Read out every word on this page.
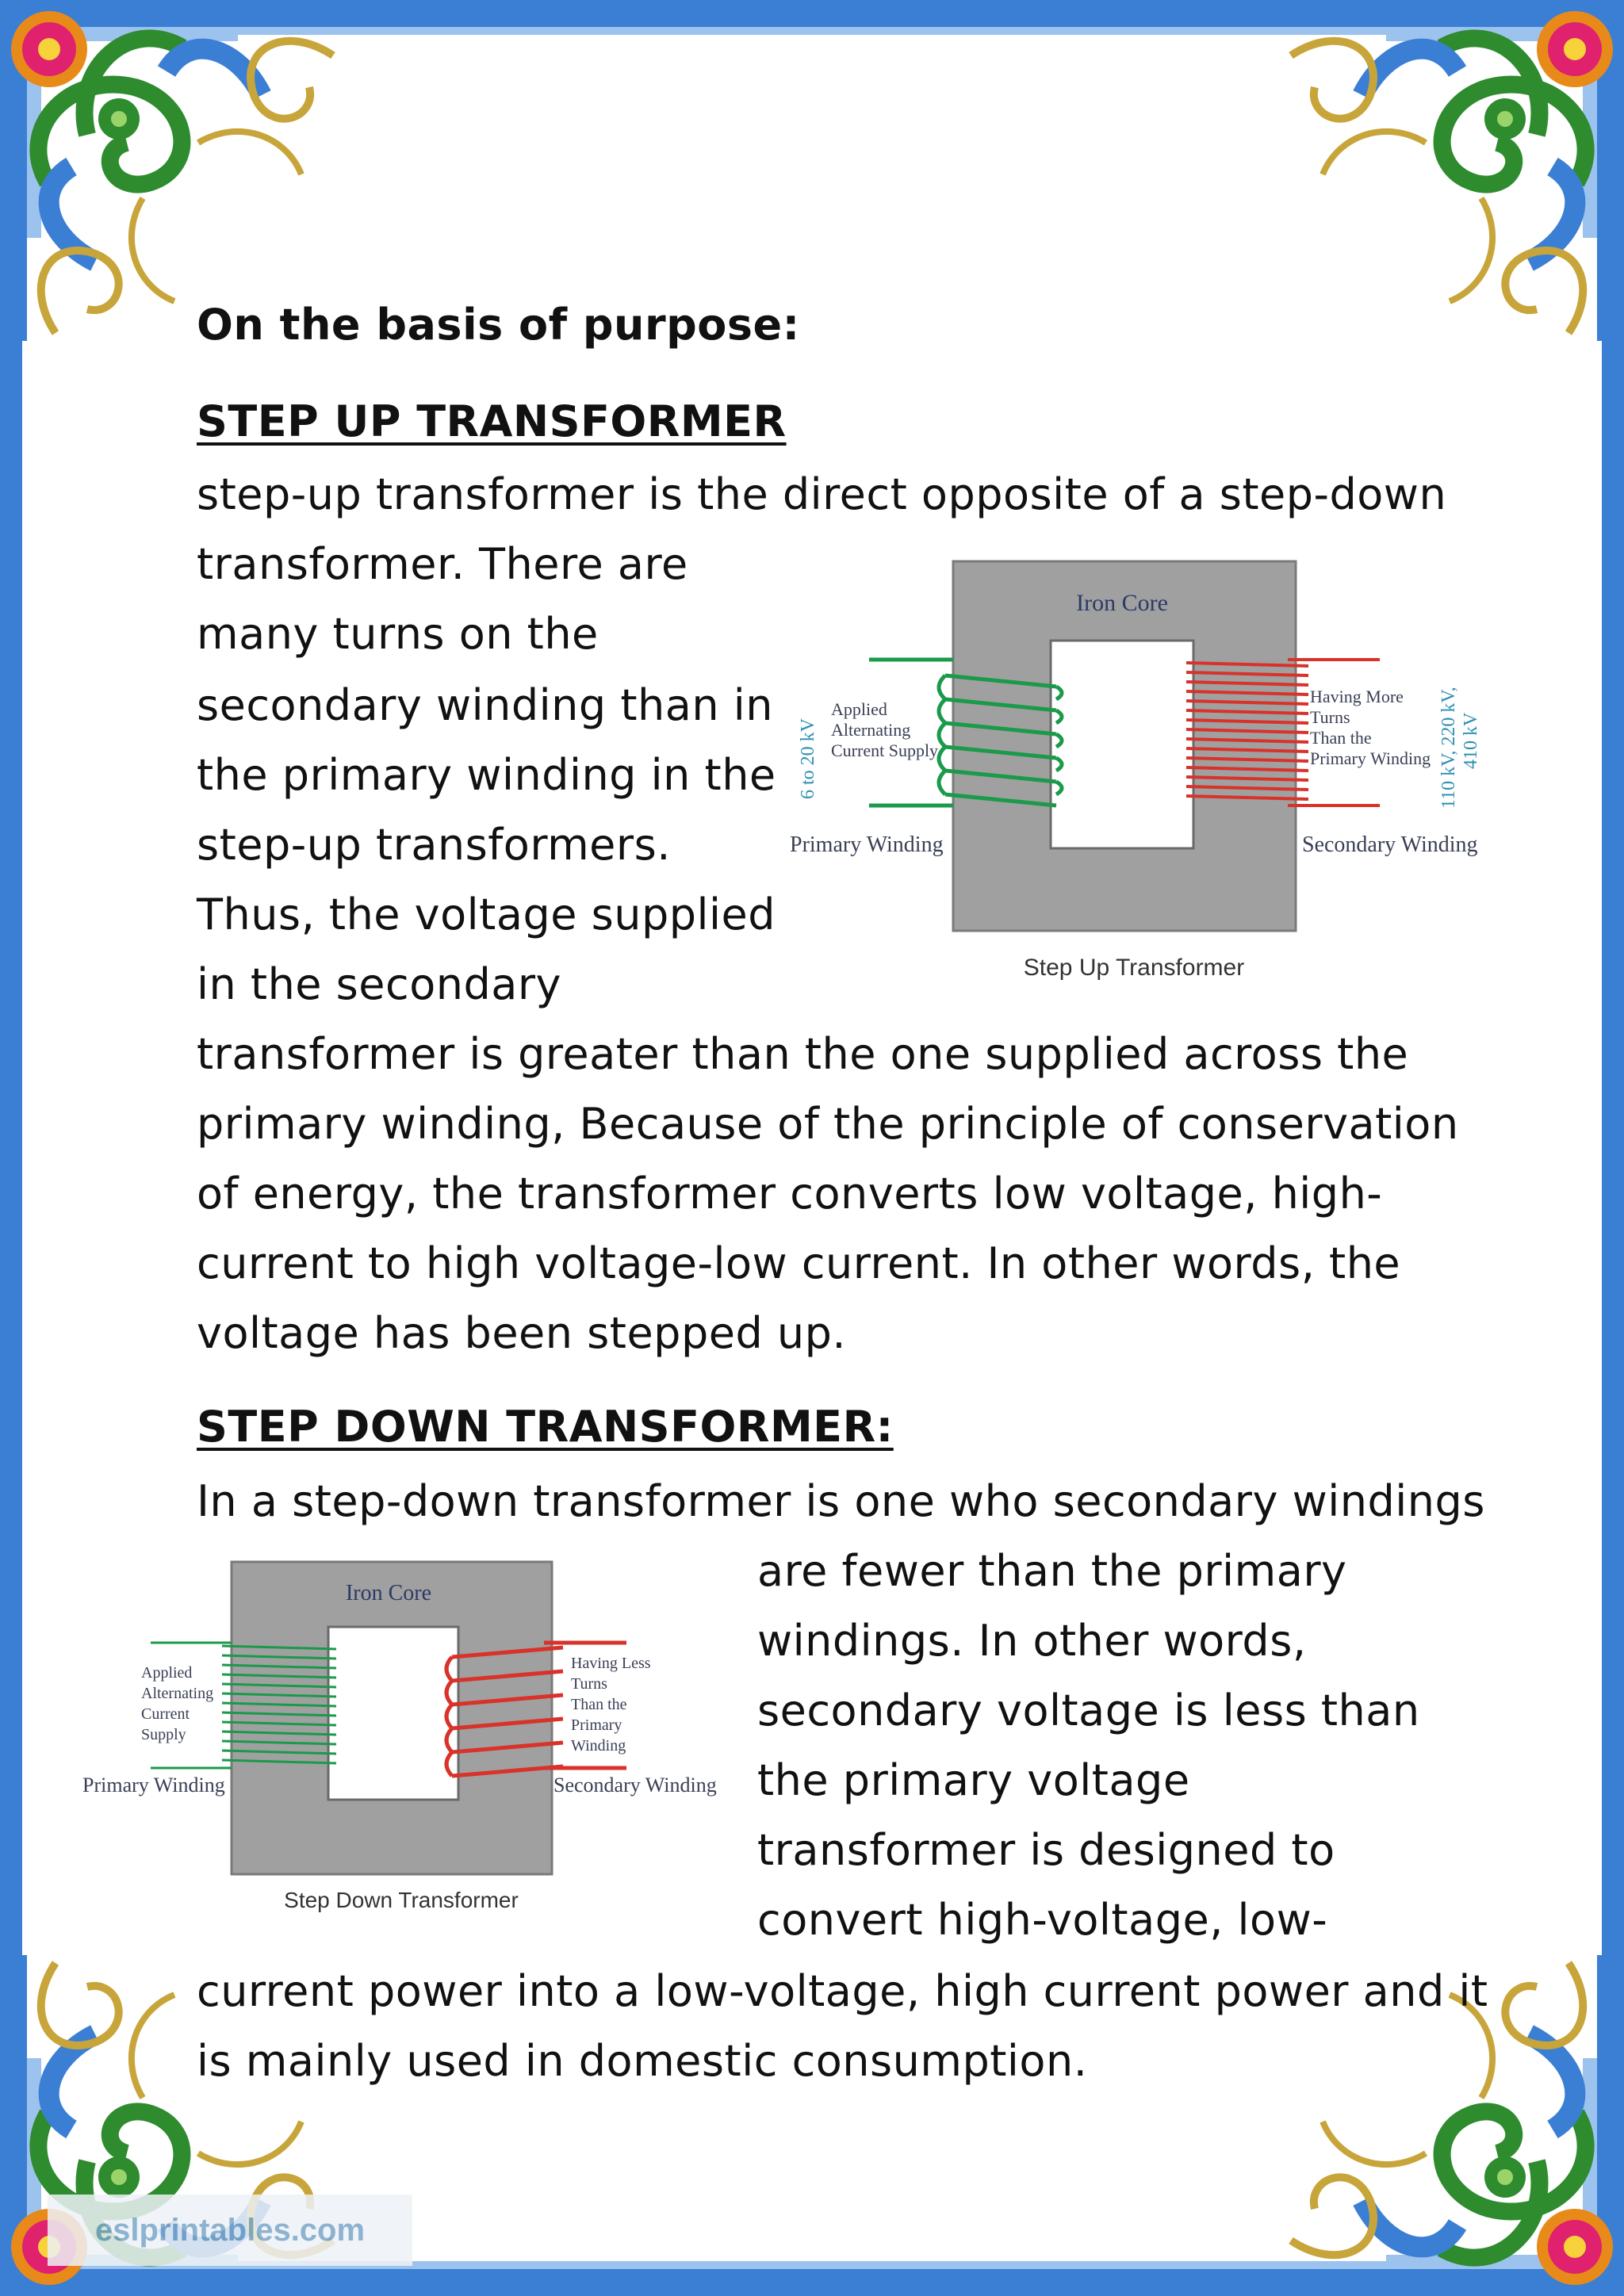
eslprintables.com
On the basis of purpose:
STEP UP TRANSFORMER
step-up transformer is the direct opposite of a step-down
transformer. There are
many turns on the
secondary winding than in
the primary winding in the
step-up transformers.
Thus, the voltage supplied
in the secondary
transformer is greater than the one supplied across the
primary winding, Because of the principle of conservation
of energy, the transformer converts low voltage, high-
current to high voltage-low current. In other words, the
voltage has been stepped up.
Iron Core
6 to 20 kV
Applied
Alternating
Current Supply
Having More
Turns
Than the
Primary Winding 110 kV, 220 kV, 410 kV
Primary Winding	Secondary Winding
Step Up Transformer
STEP DOWN TRANSFORMER:
In a step-down transformer is one who secondary windings
are fewer than the primary
windings. In other words,
secondary voltage is less than
the primary voltage
transformer is designed to
convert high-voltage, low-
current power into a low-voltage, high current power and it
is mainly used in domestic consumption.
Iron Core
Applied
Alternating
Current
Supply
Having Less
Turns
Than the
Primary
Winding
Primary Winding	Secondary Winding
Step Down Transformer
